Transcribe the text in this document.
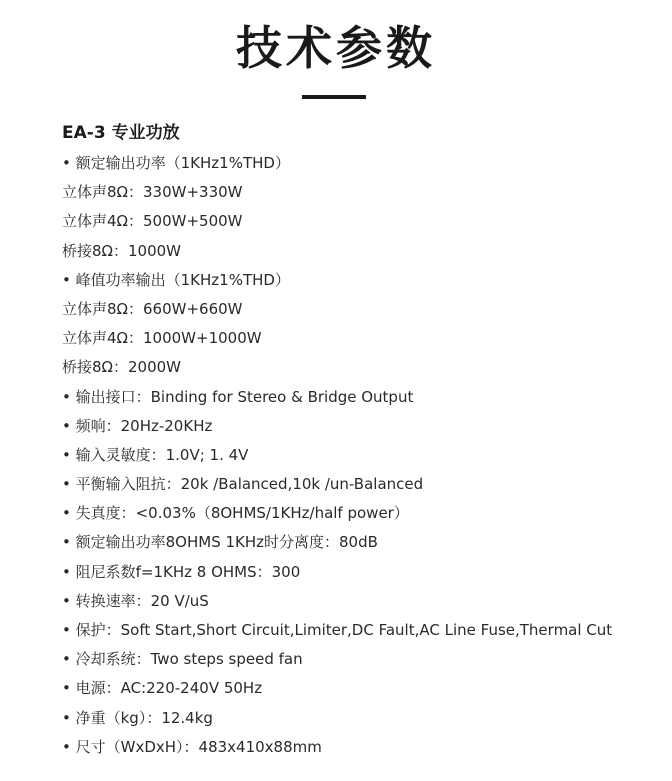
技术参数
EA-3 专业功放
• 额定输出功率（1KHz1%THD）
立体声8Ω：330W+330W
立体声4Ω：500W+500W
桥接8Ω：1000W
• 峰值功率输出（1KHz1%THD）
立体声8Ω：660W+660W
立体声4Ω：1000W+1000W
桥接8Ω：2000W
• 输出接口：Binding for Stereo & Bridge Output
• 频响：20Hz-20KHz
• 输入灵敏度：1.0V; 1. 4V
• 平衡输入阻抗：20k /Balanced,10k /un-Balanced
• 失真度：<0.03%（8OHMS/1KHz/half power）
• 额定输出功率8OHMS 1KHz时分离度：80dB
• 阻尼系数f=1KHz 8 OHMS：300
• 转换速率：20 V/uS
• 保护：Soft Start,Short Circuit,Limiter,DC Fault,AC Line Fuse,Thermal Cut
• 冷却系统：Two steps speed fan
• 电源：AC:220-240V 50Hz
• 净重（kg）：12.4kg
• 尺寸（WxDxH）：483x410x88mm
